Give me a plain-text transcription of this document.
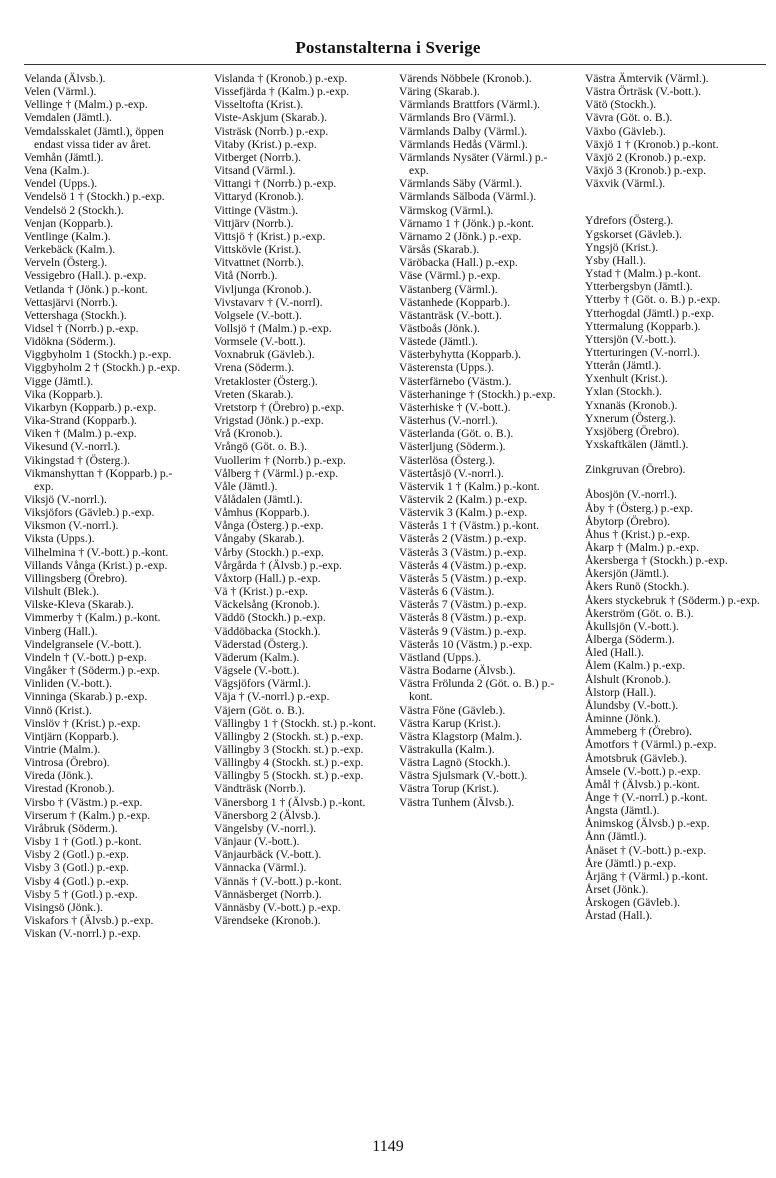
Postanstalterna i Sverige
Velanda (Älvsb.).
Velen (Värml.).
Vellinge † (Malm.) p.-exp.
Vemdalen (Jämtl.).
Vemdalsskalet (Jämtl.), öppen endast vissa tider av året.
Vemhån (Jämtl.).
Vena (Kalm.).
Vendel (Upps.).
Vendelsö 1 † (Stockh.) p.-exp.
Vendelsö 2 (Stockh.).
Venjan (Kopparb.).
Ventlinge (Kalm.).
Verkebäck (Kalm.).
Verveln (Österg.).
Vessigebro (Hall.). p.-exp.
Vetlanda † (Jönk.) p.-kont.
Vettasjärvi (Norrb.).
Vettershaga (Stockh.).
Vidsel † (Norrb.) p.-exp.
Vidökna (Söderm.).
Viggbyholm 1 (Stockh.) p.-exp.
Viggbyholm 2 † (Stockh.) p.-exp.
Vigge (Jämtl.).
Vika (Kopparb.).
Vikarbyn (Kopparb.) p.-exp.
Vika-Strand (Kopparb.).
Viken † (Malm.) p.-exp.
Vikesund (V.-norrl.).
Vikingstad † (Österg.).
Vikmanshyttan † (Kopparb.) p.-exp.
Viksjö (V.-norrl.).
Viksjöfors (Gävleb.) p.-exp.
Viksmon (V.-norrl.).
Viksta (Upps.).
Vilhelmina † (V.-bott.) p.-kont.
Villands Vånga (Krist.) p.-exp.
Villingsberg (Örebro).
Vilshult (Blek.).
Vilske-Kleva (Skarab.).
Vimmerby † (Kalm.) p.-kont.
Vinberg (Hall.).
Vindelgransele (V.-bott.).
Vindeln † (V.-bott.) p-exp.
Vingåker † (Söderm.) p.-exp.
Vinliden (V.-bott.).
Vinninga (Skarab.) p.-exp.
Vinnö (Krist.).
Vinslöv † (Krist.) p.-exp.
Vintjärn (Kopparb.).
Vintrie (Malm.).
Vintrosa (Örebro).
Vireda (Jönk.).
Virestad (Kronob.).
Virsbo † (Västm.) p.-exp.
Virserum † (Kalm.) p.-exp.
Viråbruk (Söderm.).
Visby 1 † (Gotl.) p.-kont.
Visby 2 (Gotl.) p.-exp.
Visby 3 (Gotl.) p.-exp.
Visby 4 (Gotl.) p.-exp.
Visby 5 † (Gotl.) p.-exp.
Visingsö (Jönk.).
Viskafors † (Älvsb.) p.-exp.
Viskan (V.-norrl.) p.-exp.
Vislanda † (Kronob.) p.-exp.
Vissefjärda † (Kalm.) p.-exp.
Visseltofta (Krist.).
Viste-Askjum (Skarab.).
Visträsk (Norrb.) p.-exp.
Vitaby (Krist.) p.-exp.
Vitberget (Norrb.).
Vitsand (Värml.).
Vittangi † (Norrb.) p.-exp.
Vittaryd (Kronob.).
Vittinge (Västm.).
Vittjärv (Norrb.).
Vittsjö † (Krist.) p.-exp.
Vittskövle (Krist.).
Vitvattnet (Norrb.).
Vitå (Norrb.).
Vivljunga (Kronob.).
Vivstavarv † (V.-norrl).
Volgsele (V.-bott.).
Vollsjö † (Malm.) p.-exp.
Vormsele (V.-bott.).
Voxnabruk (Gävleb.).
Vrena (Söderm.).
Vretakloster (Österg.).
Vreten (Skarab.).
Vretstorp † (Örebro) p.-exp.
Vrigstad (Jönk.) p.-exp.
Vrå (Kronob.).
Vrångö (Göt. o. B.).
Vuollerim † (Norrb.) p.-exp.
Vålberg † (Värml.) p.-exp.
Våle (Jämtl.).
Vålådalen (Jämtl.).
Våmhus (Kopparb.).
Vånga (Österg.) p.-exp.
Vångaby (Skarab.).
Vårby (Stockh.) p.-exp.
Vårgårda † (Älvsb.) p.-exp.
Våxtorp (Hall.) p.-exp.
Vä † (Krist.) p.-exp.
Väckelsång (Kronob.).
Väddö (Stockh.) p.-exp.
Väddöbacka (Stockh.).
Väderstad (Österg.).
Väderum (Kalm.).
Vägsele (V.-bott.).
Vägsjöfors (Värml.).
Väja † (V.-norrl.) p.-exp.
Väjern (Göt. o. B.).
Vällingby 1 † (Stockh. st.) p.-kont.
Vällingby 2 (Stockh. st.) p.-exp.
Vällingby 3 (Stockh. st.) p.-exp.
Vällingby 4 (Stockh. st.) p.-exp.
Vällingby 5 (Stockh. st.) p.-exp.
Vändträsk (Norrb.).
Vänersborg 1 † (Älvsb.) p.-kont.
Vänersborg 2 (Älvsb.).
Vängelsby (V.-norrl.).
Vänjaur (V.-bott.).
Vänjaurbäck (V.-bott.).
Vännacka (Värml.).
Vännäs † (V.-bott.) p.-kont.
Vännäsberget (Norrb.).
Vännäsby (V.-bott.) p.-exp.
Värendseke (Kronob.).
Värends Nöbbele (Kronob.).
Väring (Skarab.).
Värmlands Brattfors (Värml.).
Värmlands Bro (Värml.).
Värmlands Dalby (Värml.).
Värmlands Hedås (Värml.).
Värmlands Nysäter (Värml.) p.-exp.
Värmlands Säby (Värml.).
Värmlands Sälboda (Värml.).
Värmskog (Värml.).
Värnamo 1 † (Jönk.) p.-kont.
Värnamo 2 (Jönk.) p.-exp.
Värsås (Skarab.).
Väröbacka (Hall.) p.-exp.
Väse (Värml.) p.-exp.
Västanberg (Värml.).
Västanhede (Kopparb.).
Västanträsk (V.-bott.).
Västboås (Jönk.).
Västede (Jämtl.).
Västerbyhytta (Kopparb.).
Västerensta (Upps.).
Västerfärnebo (Västm.).
Västerhaninge † (Stockh.) p.-exp.
Västerhiske † (V.-bott.).
Västerhus (V.-norrl.).
Västerlanda (Göt. o. B.).
Västerljung (Söderm.).
Västerlösa (Österg.).
Västertåsjö (V.-norrl.).
Västervik 1 † (Kalm.) p.-kont.
Västervik 2 (Kalm.) p.-exp.
Västervik 3 (Kalm.) p.-exp.
Västerås 1 † (Västm.) p.-kont.
Västerås 2 (Västm.) p.-exp.
Västerås 3 (Västm.) p.-exp.
Västerås 4 (Västm.) p.-exp.
Västerås 5 (Västm.) p.-exp.
Västerås 6 (Västm.).
Västerås 7 (Västm.) p.-exp.
Västerås 8 (Västm.) p.-exp.
Västerås 9 (Västm.) p.-exp.
Västerås 10 (Västm.) p.-exp.
Västland (Upps.).
Västra Bodarne (Älvsb.).
Västra Frölunda 2 (Göt. o. B.) p.-kont.
Västra Föne (Gävleb.).
Västra Karup (Krist.).
Västra Klagstorp (Malm.).
Västrakulla (Kalm.).
Västra Lagnö (Stockh.).
Västra Sjulsmark (V.-bott.).
Västra Torup (Krist.).
Västra Tunhem (Älvsb.).
Västra Ämtervik (Värml.).
Västra Örträsk (V.-bott.).
Vätö (Stockh.).
Vävra (Göt. o. B.).
Växbo (Gävleb.).
Växjö 1 † (Kronob.) p.-kont.
Växjö 2 (Kronob.) p.-exp.
Växjö 3 (Kronob.) p.-exp.
Växvik (Värml.).
Ydrefors (Österg.).
Ygskorset (Gävleb.).
Yngsjö (Krist.).
Ysby (Hall.).
Ystad † (Malm.) p.-kont.
Ytterbergsbyn (Jämtl.).
Ytterby † (Göt. o. B.) p.-exp.
Ytterhogdal (Jämtl.) p.-exp.
Yttermalung (Kopparb.).
Yttersjön (V.-bott.).
Ytterturingen (V.-norrl.).
Ytterån (Jämtl.).
Yxenhult (Krist.).
Yxlan (Stockh.).
Yxnanäs (Kronob.).
Yxnerum (Österg.).
Yxsjöberg (Örebro).
Yxskaftkälen (Jämtl.).
Zinkgruvan (Örebro).
Åbosjön (V.-norrl.).
Åby † (Österg.) p.-exp.
Åbytorp (Örebro).
Åhus † (Krist.) p.-exp.
Åkarp † (Malm.) p.-exp.
Åkersberga † (Stockh.) p.-exp.
Åkersjön (Jämtl.).
Åkers Runö (Stockh.).
Åkers styckebruk † (Söderm.) p.-exp.
Åkerström (Göt. o. B.).
Åkullsjön (V.-bott.).
Ålberga (Söderm.).
Åled (Hall.).
Ålem (Kalm.) p.-exp.
Ålshult (Kronob.).
Ålstorp (Hall.).
Ålundsby (V.-bott.).
Åminne (Jönk.).
Åmmeberg † (Örebro).
Åmotfors † (Värml.) p.-exp.
Åmotsbruk (Gävleb.).
Åmsele (V.-bott.) p.-exp.
Åmål † (Älvsb.) p.-kont.
Ånge † (V.-norrl.) p.-kont.
Ångsta (Jämtl.).
Ånimskog (Älvsb.) p.-exp.
Ånn (Jämtl.).
Ånäset † (V.-bott.) p.-exp.
Åre (Jämtl.) p.-exp.
Årjäng † (Värml.) p.-kont.
Årset (Jönk.).
Årskogen (Gävleb.).
Årstad (Hall.).
1149
